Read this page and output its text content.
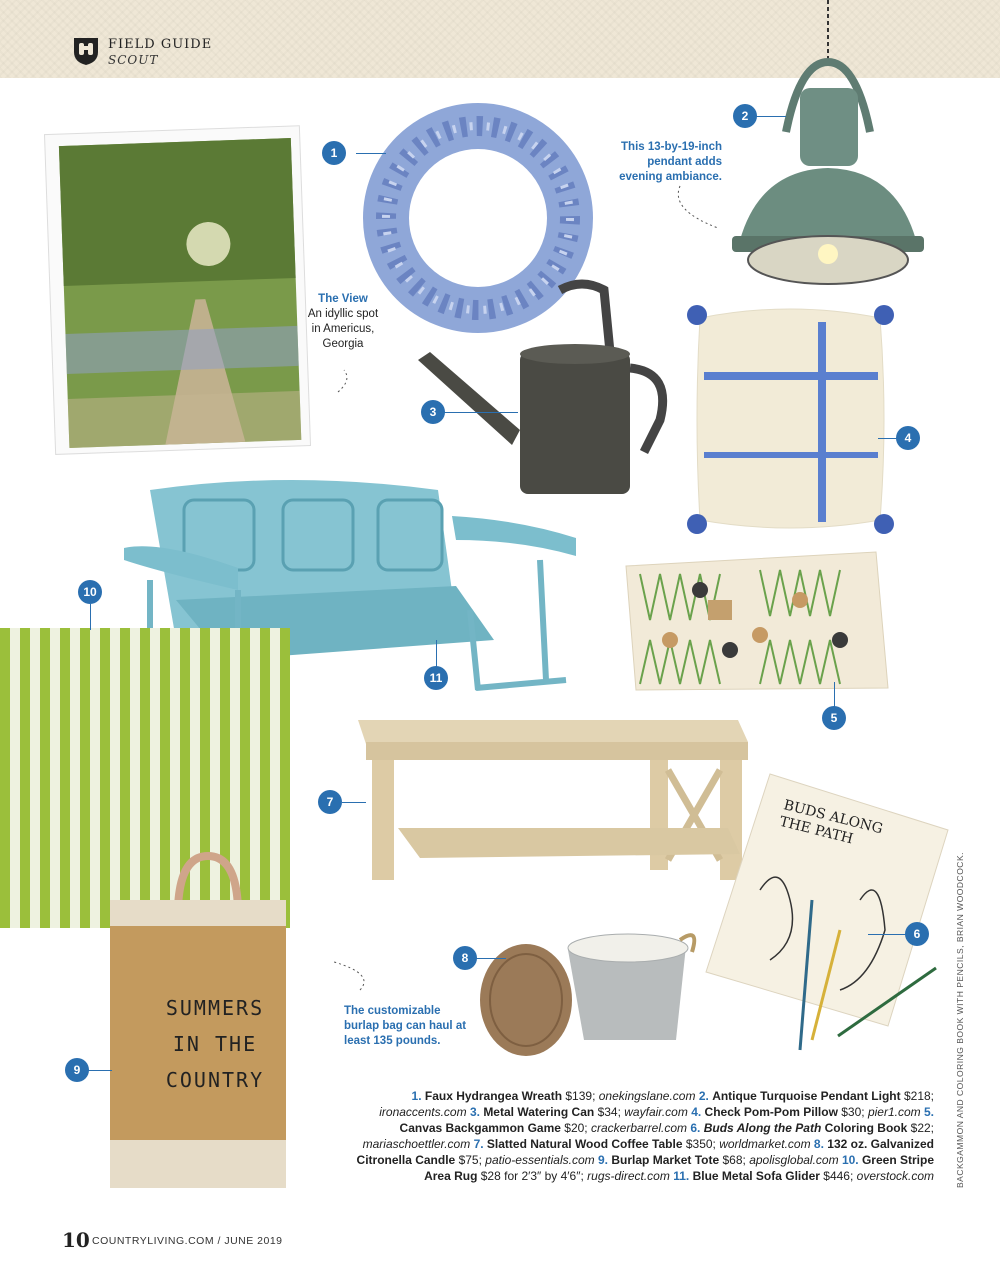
FIELD GUIDE
SCOUT
SUMMERS
IN THE
COUNTRY
BUDS ALONG THE PATH
The View
An idyllic spot in Americus, Georgia
This 13-by-19-inch pendant adds evening ambiance.
The customizable burlap bag can haul at least 135 pounds.
1
2
3
4
5
6
7
8
9
10
11
1. Faux Hydrangea Wreath $139; onekingslane.com 2. Antique Turquoise Pendant Light $218; ironaccents.com 3. Metal Watering Can $34; wayfair.com 4. Check Pom-Pom Pillow $30; pier1.com 5. Canvas Backgammon Game $20; crackerbarrel.com 6. Buds Along the Path Coloring Book $22; mariaschoettler.com 7. Slatted Natural Wood Coffee Table $350; worldmarket.com 8. 132 oz. Galvanized Citronella Candle $75; patio-essentials.com 9. Burlap Market Tote $68; apolisglobal.com 10. Green Stripe Area Rug $28 for 2′3″ by 4′6″; rugs-direct.com 11. Blue Metal Sofa Glider $446; overstock.com BACKGAMMON AND COLORING BOOK WITH PENCILS, BRIAN WOODCOCK.
10 COUNTRYLIVING.COM / JUNE 2019
